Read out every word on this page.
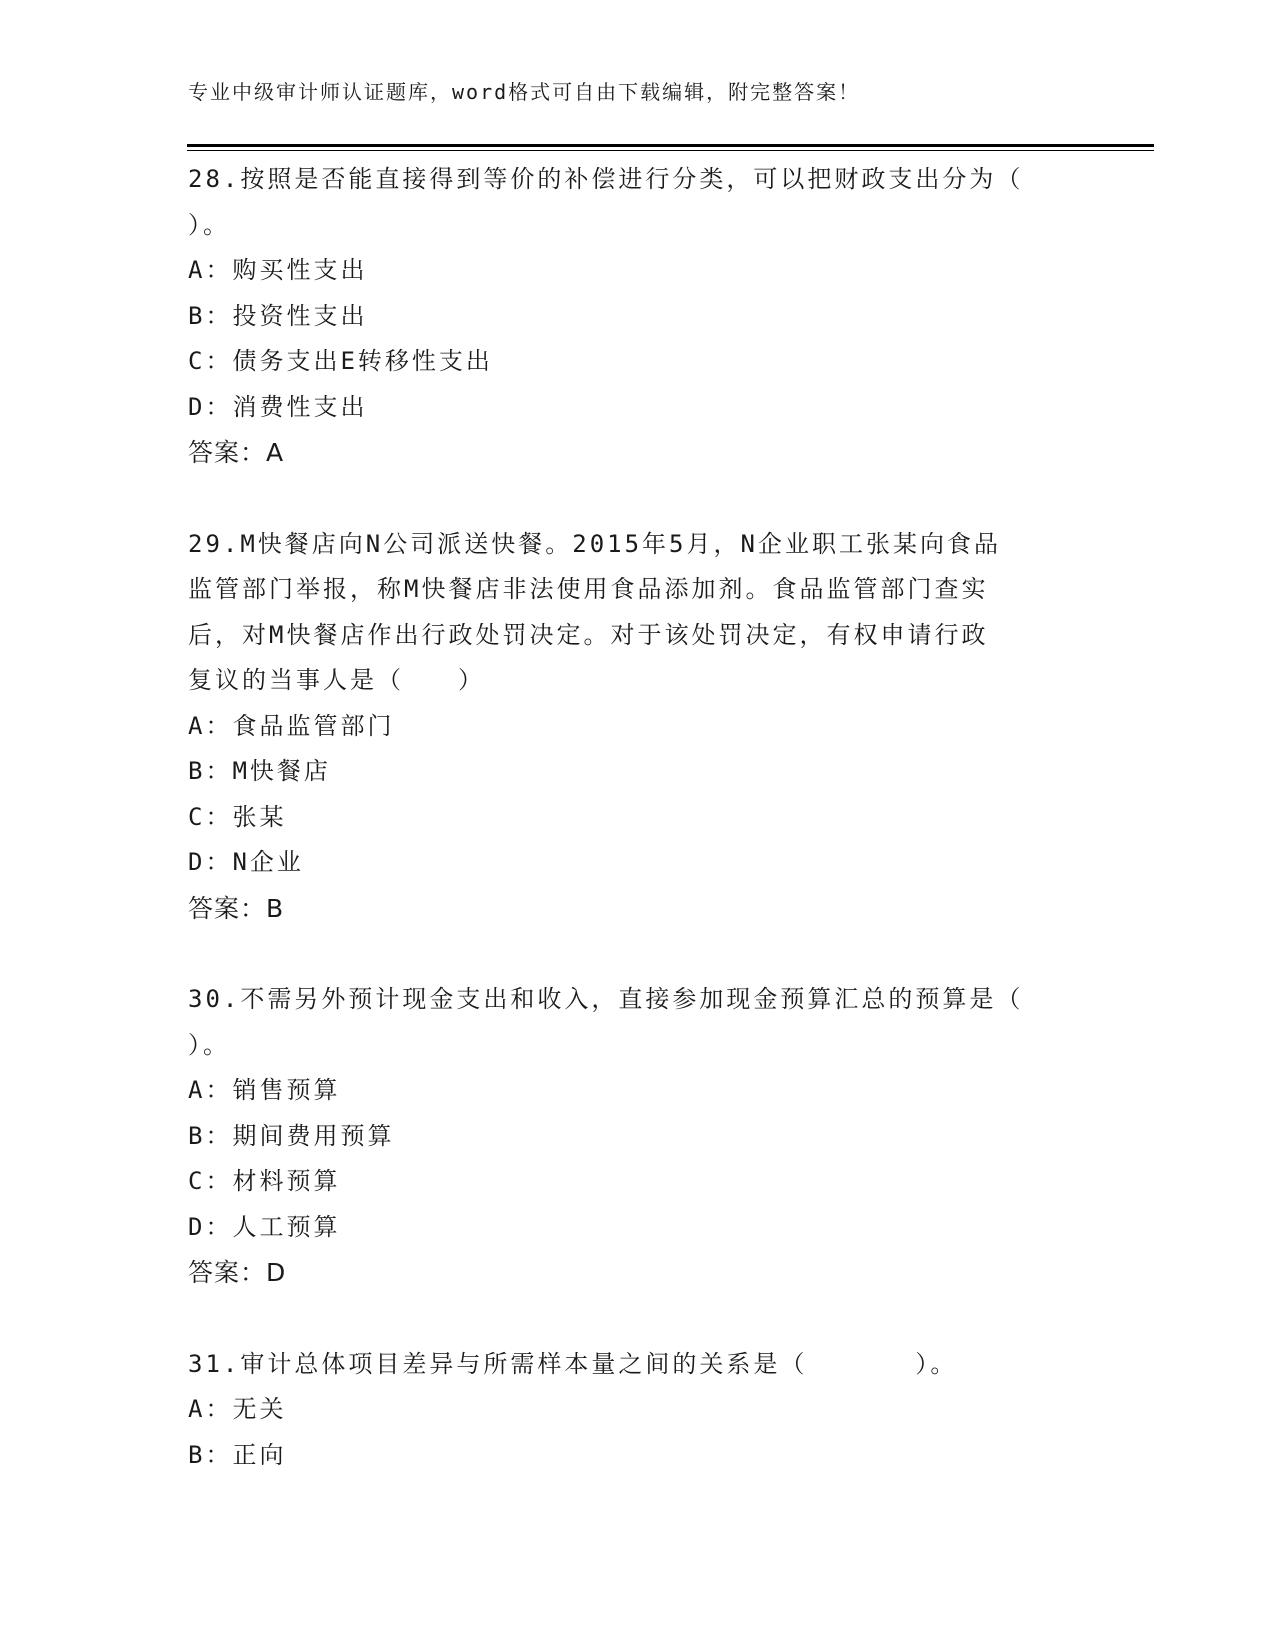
专业中级审计师认证题库，word格式可自由下载编辑，附完整答案！
28.按照是否能直接得到等价的补偿进行分类，可以把财政支出分为（
）。
A：购买性支出
B：投资性支出
C：债务支出E转移性支出
D：消费性支出
答案：A
29.M快餐店向N公司派送快餐。2015年5月，N企业职工张某向食品
监管部门举报，称M快餐店非法使用食品添加剂。食品监管部门查实
后，对M快餐店作出行政处罚决定。对于该处罚决定，有权申请行政
复议的当事人是（　　）
A：食品监管部门
B：M快餐店
C：张某
D：N企业
答案：B
30.不需另外预计现金支出和收入，直接参加现金预算汇总的预算是（
）。
A：销售预算
B：期间费用预算
C：材料预算
D：人工预算
答案：D
31.审计总体项目差异与所需样本量之间的关系是（　　　　）。
A：无关
B：正向
